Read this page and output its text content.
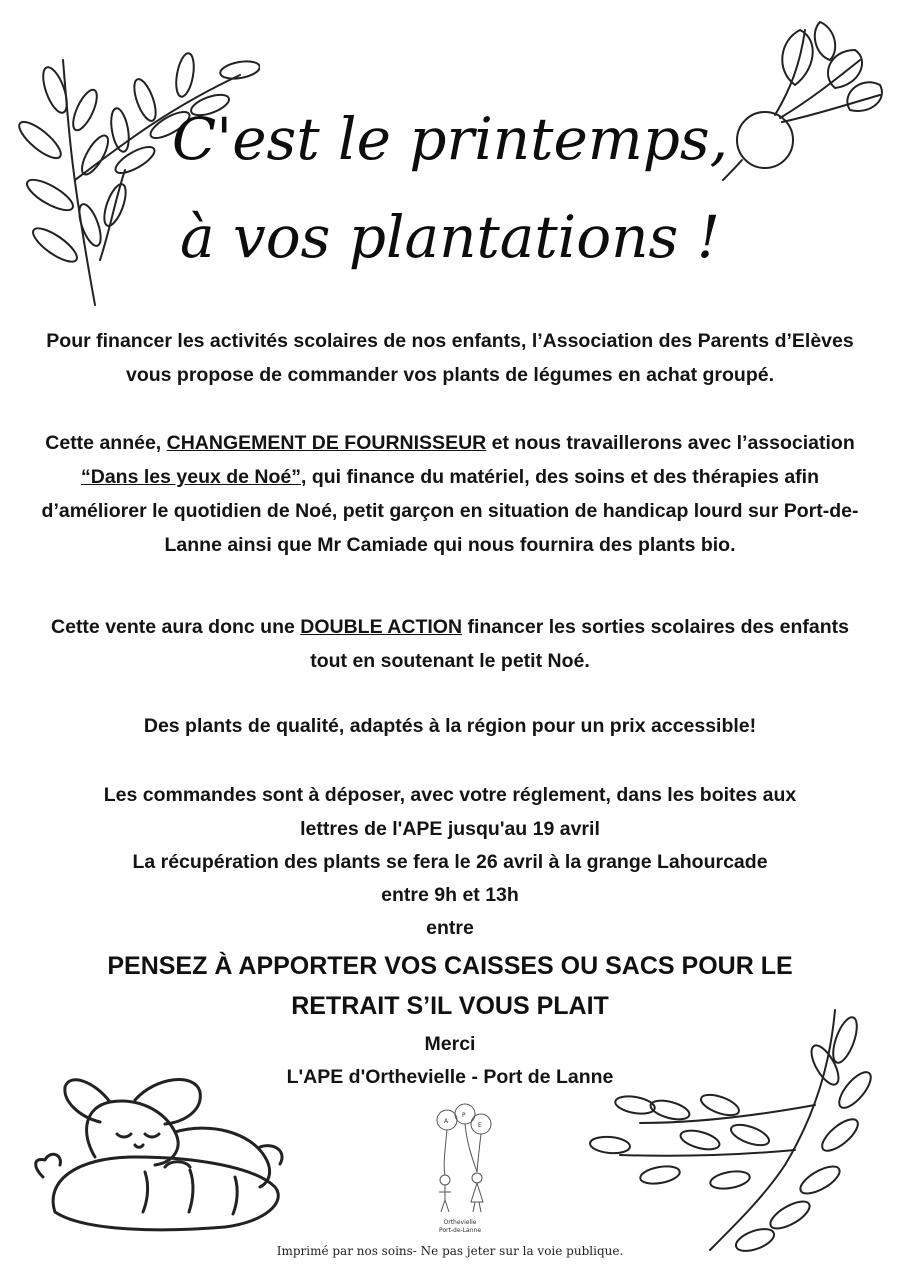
C'est le printemps,
à vos plantations !

Pour financer les activités scolaires de nos enfants, l’Association des Parents d’Elèves vous propose de commander vos plants de légumes en achat groupé.

Cette année, CHANGEMENT DE FOURNISSEUR et nous travaillerons avec l’association “Dans les yeux de Noé”, qui finance du matériel, des soins et des thérapies afin d’améliorer le quotidien de Noé, petit garçon en situation de handicap lourd sur Port-de-Lanne ainsi que Mr Camiade qui nous fournira des plants bio.

Cette vente aura donc une DOUBLE ACTION financer les sorties scolaires des enfants tout en soutenant le petit Noé.

Des plants de qualité, adaptés à la région pour un prix accessible!

Les commandes sont à déposer, avec votre réglement, dans les boites aux

lettres de l'APE jusqu'au 19 avril

La récupération des plants se fera le 26 avril à la grange Lahourcade

entre 9h et 13h

entre

PENSEZ À APPORTER VOS CAISSES OU SACS POUR LE

RETRAIT S’IL VOUS PLAIT

Merci

L'APE d'Orthevielle - Port de Lanne

A
P
E
Orthevielle
Port-de-Lanne

Imprimé par nos soins- Ne pas jeter sur la voie publique.
